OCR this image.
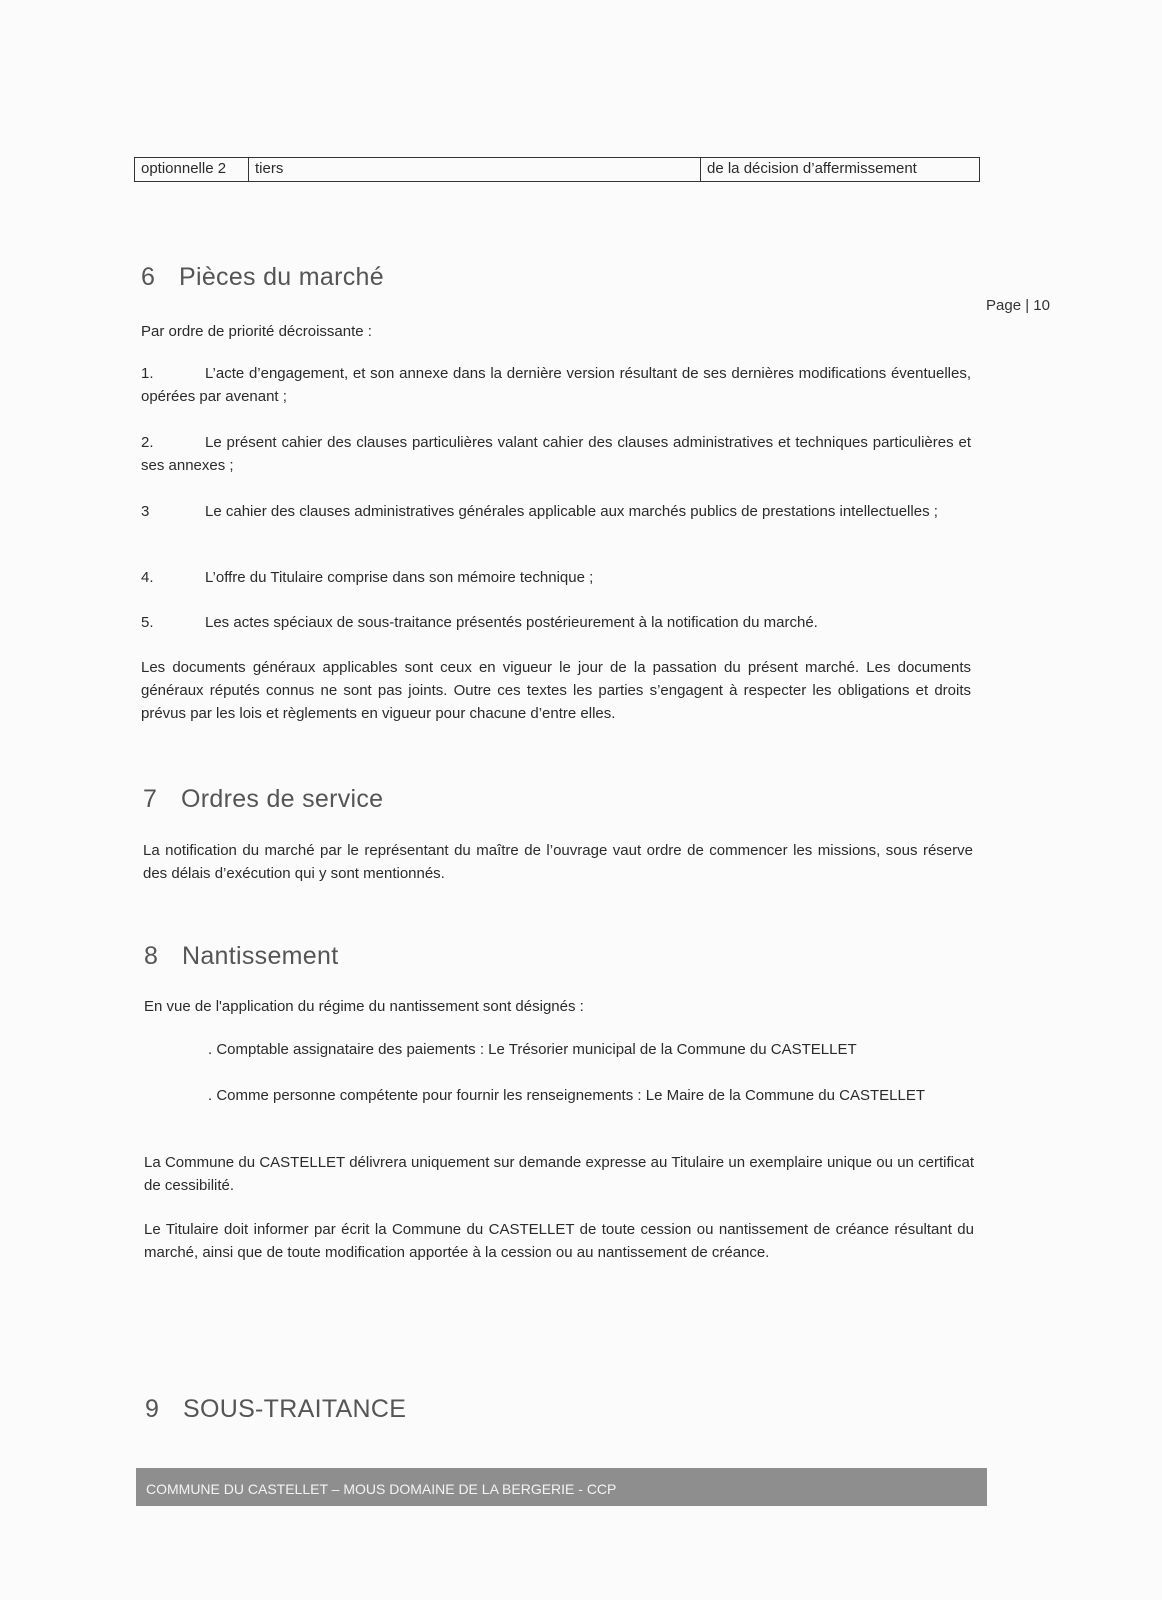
optionnelle 2	tiers	de la décision d’affermissement
Page | 10
6 Pièces du marché

Par ordre de priorité décroissante :

1.	L’acte d’engagement, et son annexe dans la dernière version résultant de ses dernières modifications éventuelles, opérées par avenant ;
2.	Le présent cahier des clauses particulières valant cahier des clauses administratives et techniques particulières et ses annexes ;
3	Le cahier des clauses administratives générales applicable aux marchés publics de prestations intellectuelles ;
4.	L’offre du Titulaire comprise dans son mémoire technique ;
5.	Les actes spéciaux de sous-traitance présentés postérieurement à la notification du marché.

Les documents généraux applicables sont ceux en vigueur le jour de la passation du présent marché. Les documents généraux réputés connus ne sont pas joints. Outre ces textes les parties s’engagent à respecter les obligations et droits prévus par les lois et règlements en vigueur pour chacune d’entre elles.

7 Ordres de service

La notification du marché par le représentant du maître de l’ouvrage vaut ordre de commencer les missions, sous réserve des délais d’exécution qui y sont mentionnés.

8 Nantissement

En vue de l'application du régime du nantissement sont désignés :

. Comptable assignataire des paiements : Le Trésorier municipal de la Commune du CASTELLET

. Comme personne compétente pour fournir les renseignements : Le Maire de la Commune du CASTELLET

La Commune du CASTELLET délivrera uniquement sur demande expresse au Titulaire un exemplaire unique ou un certificat de cessibilité.

Le Titulaire doit informer par écrit la Commune du CASTELLET de toute cession ou nantissement de créance résultant du marché, ainsi que de toute modification apportée à la cession ou au nantissement de créance.

9 SOUS-TRAITANCE
COMMUNE DU CASTELLET – MOUS DOMAINE DE LA BERGERIE - CCP
